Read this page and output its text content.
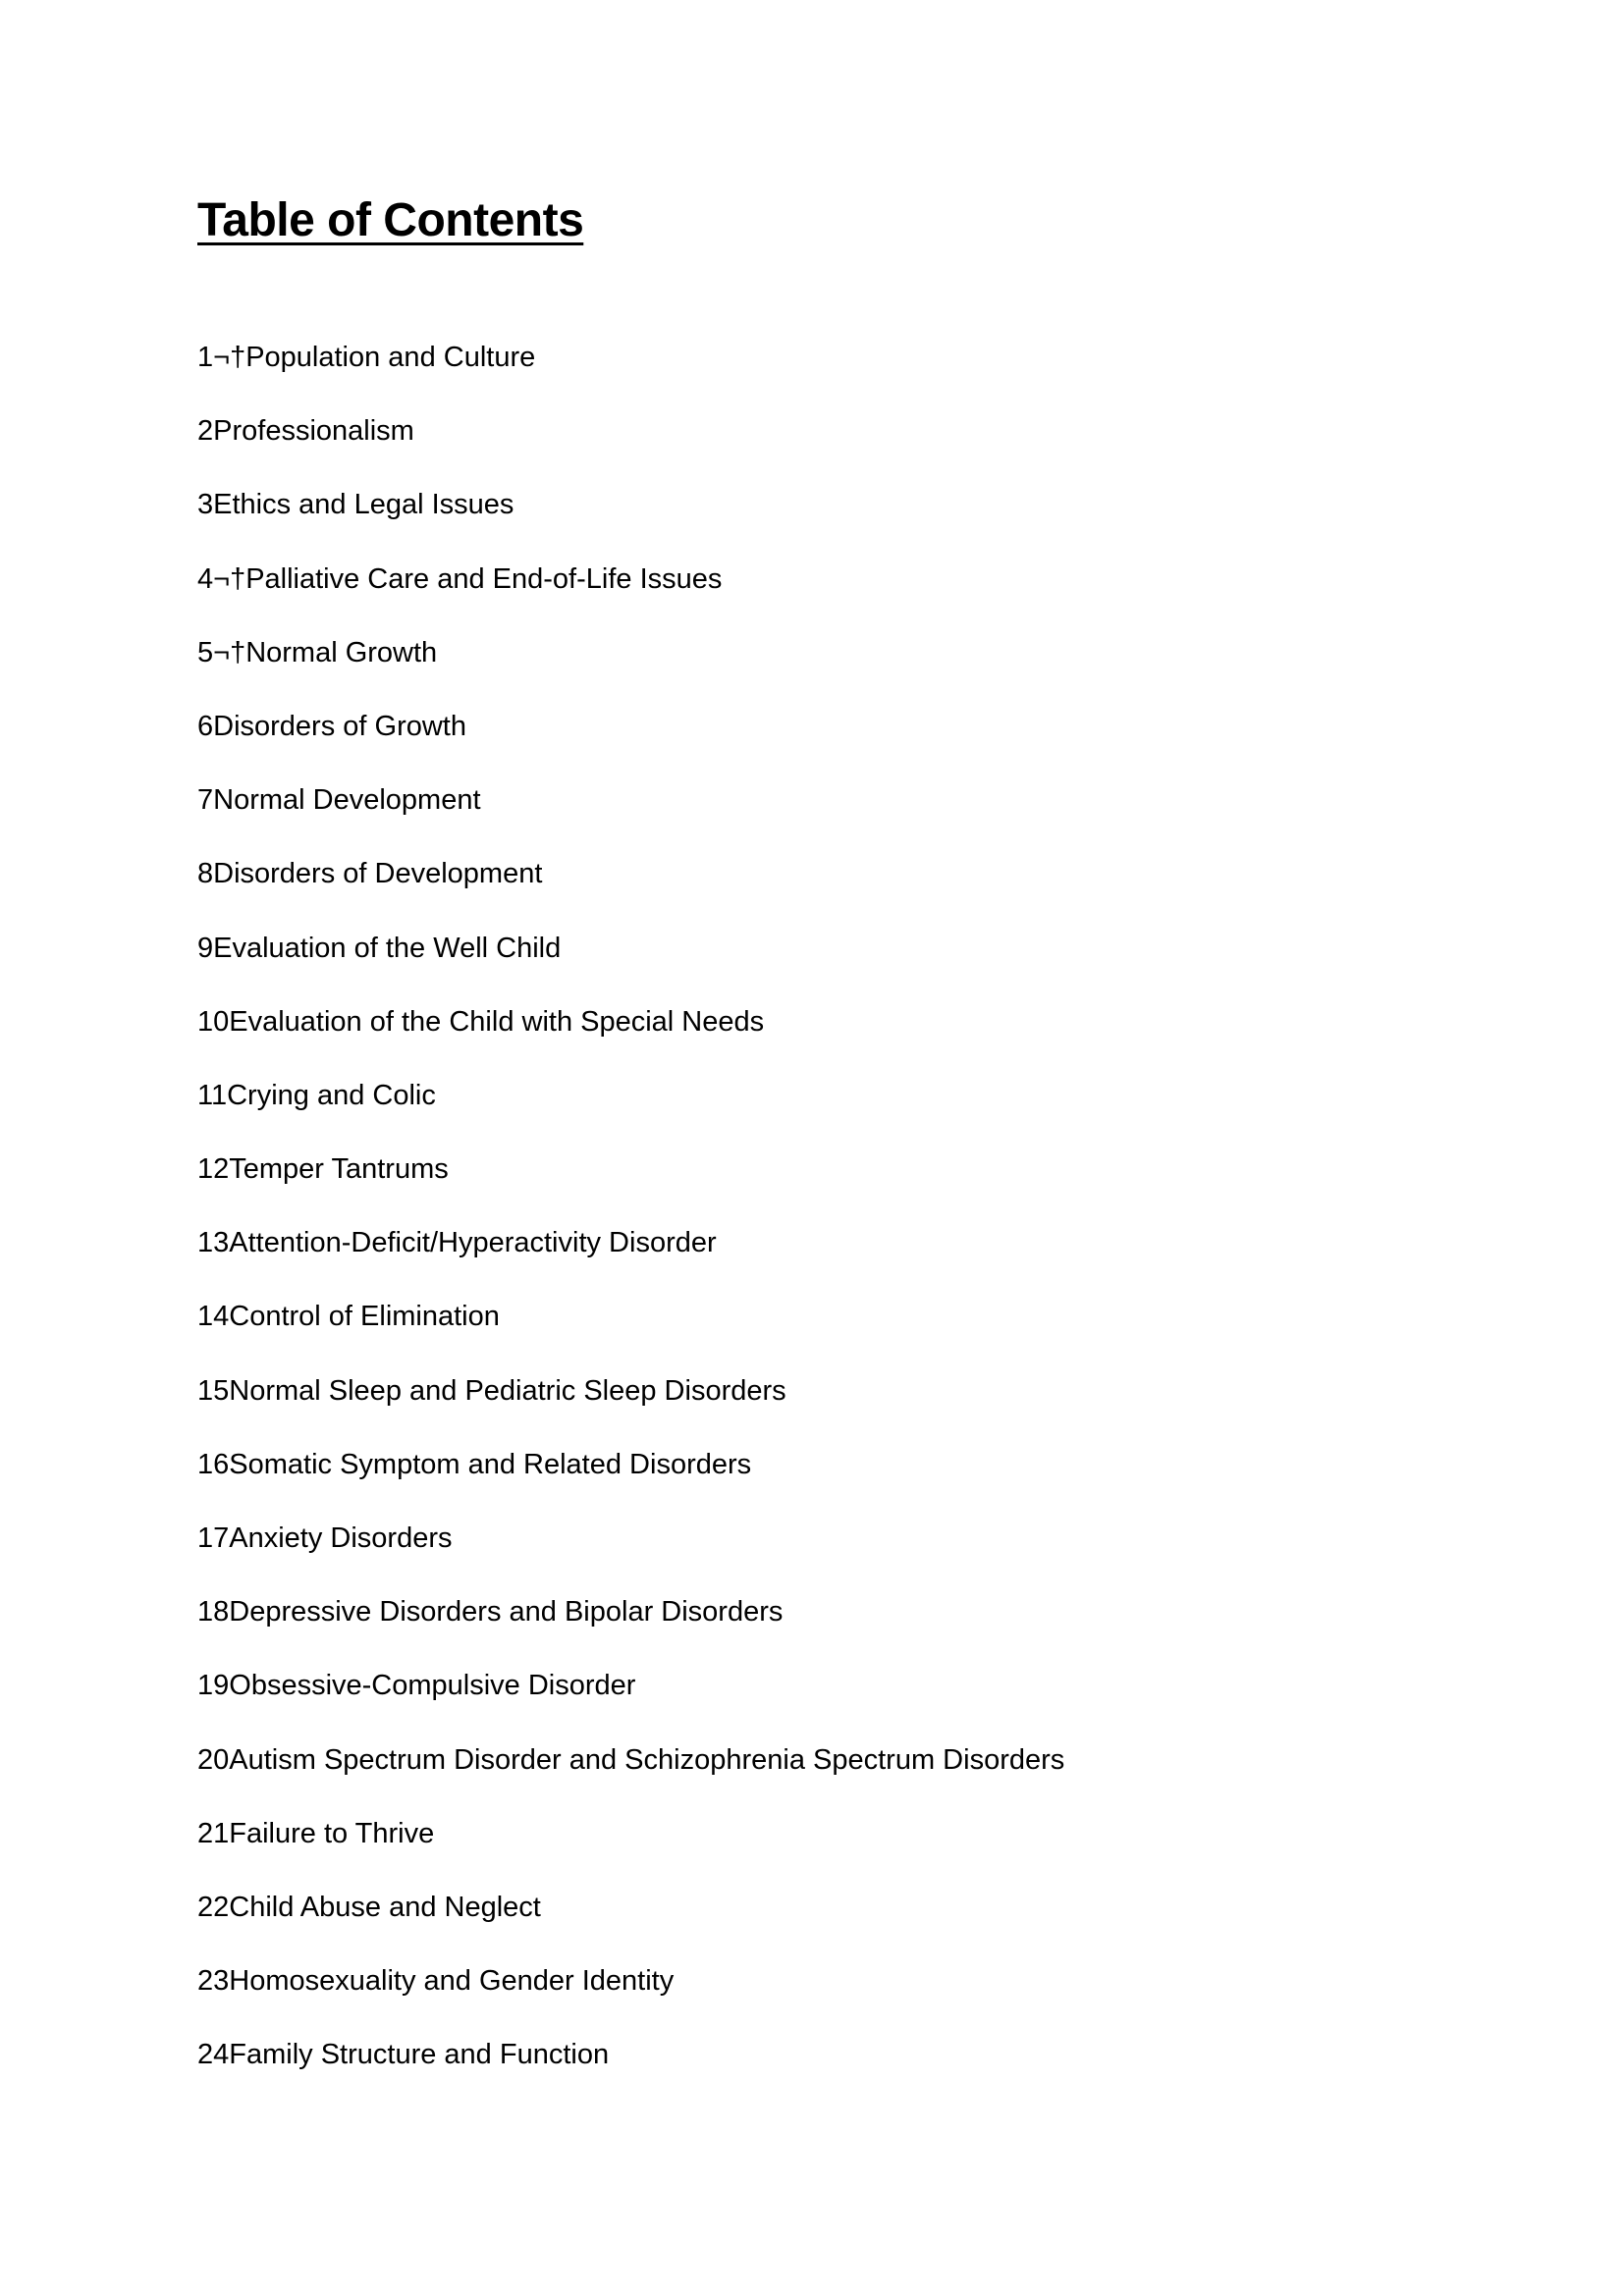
Table of Contents
1¬†Population and Culture
2Professionalism
3Ethics and Legal Issues
4¬†Palliative Care and End-of-Life Issues
5¬†Normal Growth
6Disorders of Growth
7Normal Development
8Disorders of Development
9Evaluation of the Well Child
10Evaluation of the Child with Special Needs
11Crying and Colic
12Temper Tantrums
13Attention-Deficit/Hyperactivity Disorder
14Control of Elimination
15Normal Sleep and Pediatric Sleep Disorders
16Somatic Symptom and Related Disorders
17Anxiety Disorders
18Depressive Disorders and Bipolar Disorders
19Obsessive-Compulsive Disorder
20Autism Spectrum Disorder and Schizophrenia Spectrum Disorders
21Failure to Thrive
22Child Abuse and Neglect
23Homosexuality and Gender Identity
24Family Structure and Function
